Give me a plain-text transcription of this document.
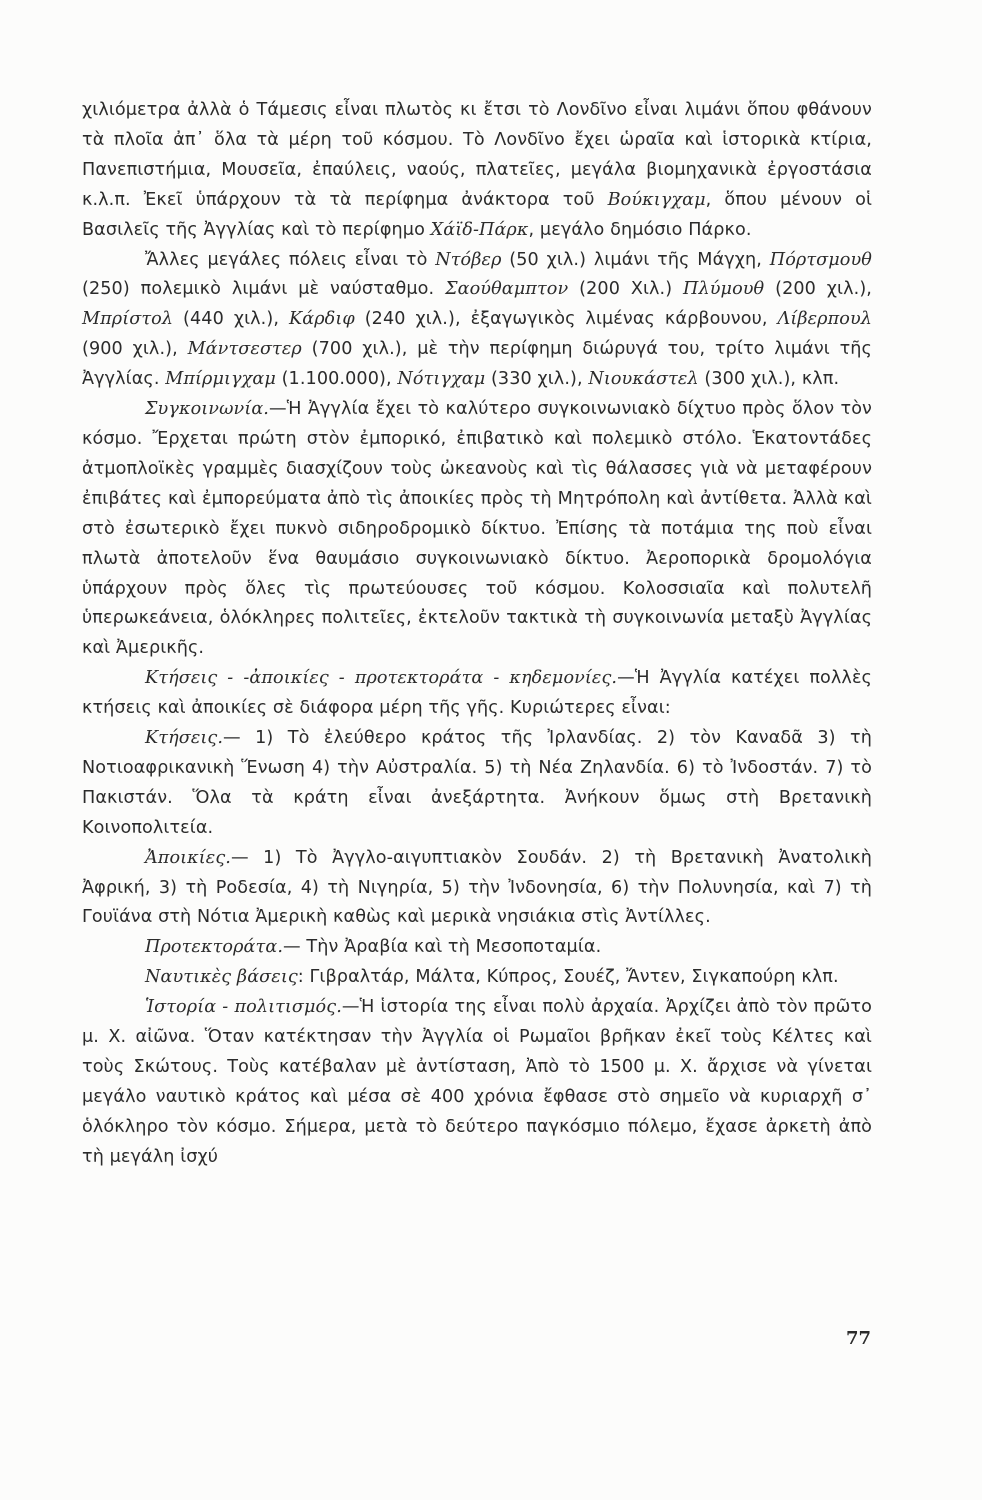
χιλιόμετρα ἀλλὰ ὁ Τάμεσις εἶναι πλωτὸς κι ἔτσι τὸ Λονδῖνο εἶναι λιμάνι ὅπου φθάνουν τὰ πλοῖα ἀπ᾿ ὅλα τὰ μέρη τοῦ κόσμου. Τὸ Λονδῖνο ἔχει ὡραῖα καὶ ἱστορικὰ κτίρια, Πανεπιστήμια, Μουσεῖα, ἐπαύλεις, ναούς, πλατεῖες, μεγάλα βιομηχανικὰ ἐργοστάσια κ.λ.π. Ἐκεῖ ὑπάρχουν τὰ τὰ περίφημα ἀνάκτορα τοῦ Βούκιγχαμ, ὅπου μένουν οἱ Βασιλεῖς τῆς Ἀγγλίας καὶ τὸ περίφημο Χάϊδ-Πάρκ, μεγάλο δημόσιο Πάρκο.

Ἄλλες μεγάλες πόλεις εἶναι τὸ Ντόβερ (50 χιλ.) λιμάνι τῆς Μάγχη, Πόρτσμουθ (250) πολεμικὸ λιμάνι μὲ ναύσταθμο. Σαούθαμπτον (200 Χιλ.) Πλύμουθ (200 χιλ.), Μπρίστολ (440 χιλ.), Κάρδιφ (240 χιλ.), ἐξαγωγικὸς λιμένας κάρβουνου, Λίβερπουλ (900 χιλ.), Μάντσεστερ (700 χιλ.), μὲ τὴν περίφημη διώρυγά του, τρίτο λιμάνι τῆς Ἀγγλίας. Μπίρμιγχαμ (1.100.000), Νότιγχαμ (330 χιλ.), Νιουκάστελ (300 χιλ.), κλπ.

Συγκοινωνία.—Ἡ Ἀγγλία ἔχει τὸ καλύτερο συγκοινωνιακὸ δίχτυο πρὸς ὅλον τὸν κόσμο. Ἔρχεται πρώτη στὸν ἐμπορικό, ἐπιβατικὸ καὶ πολεμικὸ στόλο. Ἑκατοντάδες ἀτμοπλοϊκὲς γραμμὲς διασχίζουν τοὺς ὠκεανοὺς καὶ τὶς θάλασσες γιὰ νὰ μεταφέρουν ἐπιβάτες καὶ ἐμπορεύματα ἀπὸ τὶς ἀποικίες πρὸς τὴ Μητρόπολη καὶ ἀντίθετα. Ἀλλὰ καὶ στὸ ἐσωτερικὸ ἔχει πυκνὸ σιδηροδρομικὸ δίκτυο. Ἐπίσης τὰ ποτάμια της ποὺ εἶναι πλωτὰ ἀποτελοῦν ἕνα θαυμάσιο συγκοινωνιακὸ δίκτυο. Ἀεροπορικὰ δρομολόγια ὑπάρχουν πρὸς ὅλες τὶς πρωτεύουσες τοῦ κόσμου. Κολοσσιαῖα καὶ πολυτελῆ ὑπερωκεάνεια, ὁλόκληρες πολιτεῖες, ἐκτελοῦν τακτικὰ τὴ συγκοινωνία μεταξὺ Ἀγγλίας καὶ Ἀμερικῆς.

Κτήσεις - -ἀποικίες - προτεκτοράτα - κηδεμονίες.—Ἡ Ἀγγλία κατέχει πολλὲς κτήσεις καὶ ἀποικίες σὲ διάφορα μέρη τῆς γῆς. Κυριώτερες εἶναι:

Κτήσεις.— 1) Τὸ ἐλεύθερο κράτος τῆς Ἰρλανδίας. 2) τὸν Καναδᾶ 3) τὴ Νοτιοαφρικανικὴ Ἕνωση 4) τὴν Αὐστραλία. 5) τὴ Νέα Ζηλανδία. 6) τὸ Ἰνδοστάν. 7) τὸ Πακιστάν. Ὅλα τὰ κράτη εἶναι ἀνεξάρτητα. Ἀνήκουν ὅμως στὴ Βρετανικὴ Κοινοπολιτεία.

Ἀποικίες.— 1) Τὸ Ἀγγλο-αιγυπτιακὸν Σουδάν. 2) τὴ Βρετανικὴ Ἀνατολικὴ Ἀφρική, 3) τὴ Ροδεσία, 4) τὴ Νιγηρία, 5) τὴν Ἰνδονησία, 6) τὴν Πολυνησία, καὶ 7) τὴ Γουϊάνα στὴ Νότια Ἀμερικὴ καθὼς καὶ μερικὰ νησιάκια στὶς Ἀντίλλες.

Προτεκτοράτα.— Τὴν Ἀραβία καὶ τὴ Μεσοποταμία.

Ναυτικὲς βάσεις: Γιβραλτάρ, Μάλτα, Κύπρος, Σουέζ, Ἄντεν, Σιγκαπούρη κλπ.

Ἱστορία - πολιτισμός.—Ἡ ἱστορία της εἶναι πολὺ ἀρχαία. Ἀρχίζει ἀπὸ τὸν πρῶτο μ. Χ. αἰῶνα. Ὅταν κατέκτησαν τὴν Ἀγγλία οἱ Ρωμαῖοι βρῆκαν ἐκεῖ τοὺς Κέλτες καὶ τοὺς Σκώτους. Τοὺς κατέβαλαν μὲ ἀντίσταση, Ἀπὸ τὸ 1500 μ. Χ. ἄρχισε νὰ γίνεται μεγάλο ναυτικὸ κράτος καὶ μέσα σὲ 400 χρόνια ἔφθασε στὸ σημεῖο νὰ κυριαρχῆ σ᾿ ὁλόκληρο τὸν κόσμο. Σήμερα, μετὰ τὸ δεύτερο παγκόσμιο πόλεμο, ἔχασε ἀρκετὴ ἀπὸ τὴ μεγάλη ἰσχύ

77
